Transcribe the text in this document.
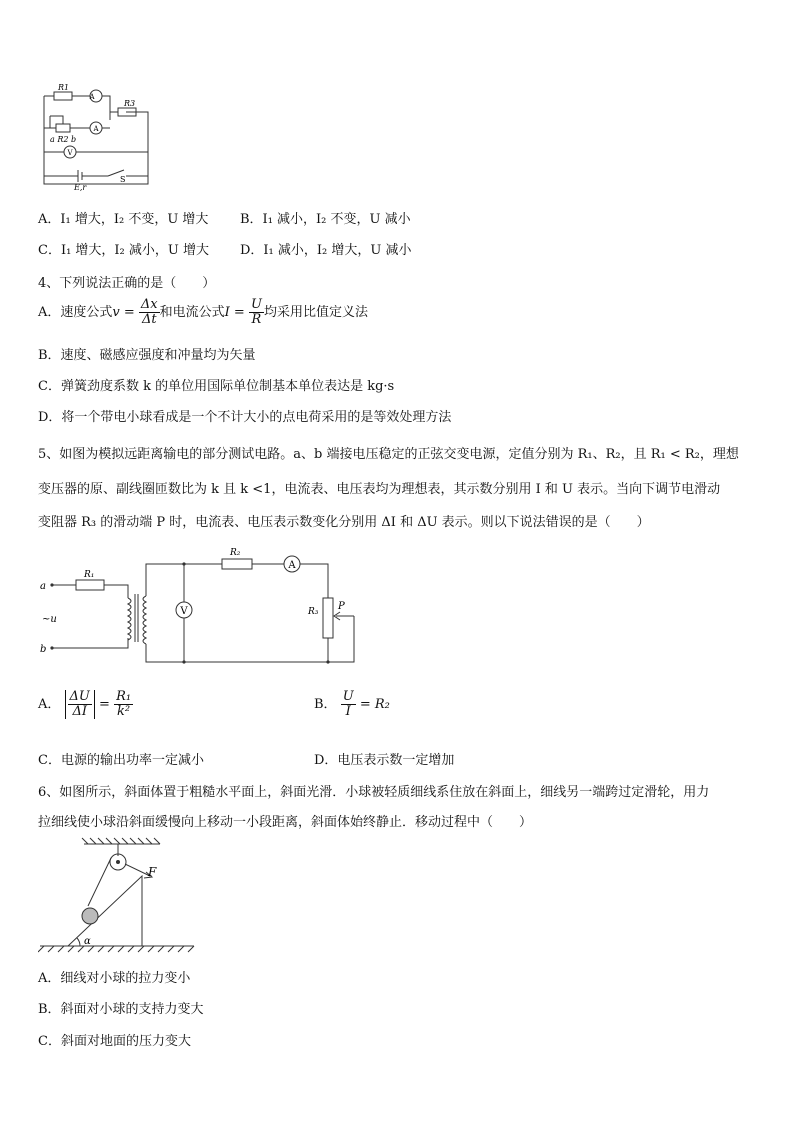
R1
A
R3
A
a R2 b
V
E,r
S
A．I₁ 增大，I₂ 不变，U 增大 B．I₁ 减小，I₂ 不变，U 减小
C．I₁ 增大，I₂ 减小，U 增大 D．I₁ 减小，I₂ 增大，U 减小
4、下列说法正确的是（　　）
A．速度公式$v = \frac{\Delta x}{\Delta t}$ 和电流公式$I = \frac{U}{R}$ 均采用比值定义法
B．速度、磁感应强度和冲量均为矢量
C．弹簧劲度系数 k 的单位用国际单位制基本单位表达是 kg·s
D．将一个带电小球看成是一个不计大小的点电荷采用的是等效处理方法
5、如图为模拟远距离输电的部分测试电路。a、b 端接电压稳定的正弦交变电源，定值分别为 R₁、R₂，且 R₁ < R₂，理想
变压器的原、副线圈匝数比为 k 且 k <1，电流表、电压表均为理想表，其示数分别用 I 和 U 表示。当向下调节电滑动
变阻器 R₃ 的滑动端 P 时，电流表、电压表示数变化分别用 ΔI 和 ΔU 表示。则以下说法错误的是（　　）
a
b
~u
R₁
R₂
A
V	R₃ P
A． $\frac{\Delta U}{\Delta I} = \frac{\text{R₁}}{\text{k²}}$	B． $\frac{U}{I} = R_2$
C．电源的输出功率一定减小	D．电压表示数一定增加
6、如图所示，斜面体置于粗糙水平面上，斜面光滑．小球被轻质细线系住放在斜面上，细线另一端跨过定滑轮，用力
拉细线使小球沿斜面缓慢向上移动一小段距离，斜面体始终静止．移动过程中（　　）
F
α
A．细线对小球的拉力变小
B．斜面对小球的支持力变大
C．斜面对地面的压力变大
